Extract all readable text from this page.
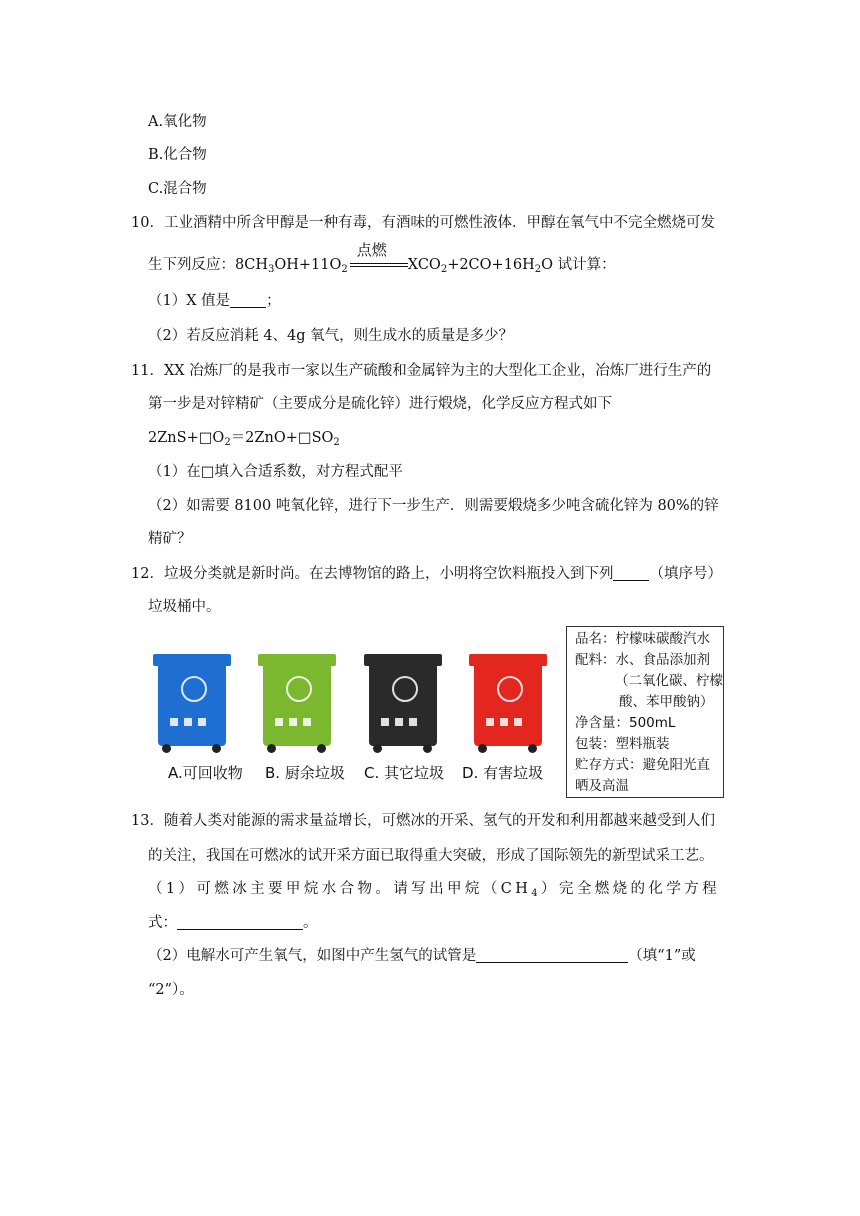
A.氧化物
B.化合物
C.混合物
10．工业酒精中所含甲醇是一种有毒，有酒味的可燃性液体．甲醇在氧气中不完全燃烧可发
生下列反应：$8CH_3OH+11O_2$
点燃
$XCO_2+2CO+16H_2O$ 试计算：
（1）X 值是 ；
（2）若反应消耗 4、4g 氧气，则生成水的质量是多少？
11．XX 冶炼厂的是我市一家以生产硫酸和金属锌为主的大型化工企业，冶炼厂进行生产的
第一步是对锌精矿（主要成分是硫化锌）进行煅烧，化学反应方程式如下
$2ZnS+□O_2=2ZnO+□SO_2$
（1）在□填入合适系数，对方程式配平
（2）如需要 8100 吨氧化锌，进行下一步生产．则需要煅烧多少吨含硫化锌为 80%的锌
精矿？
12．垃圾分类就是新时尚。在去博物馆的路上，小明将空饮料瓶投入到下列 （填序号）
垃圾桶中。
A.可回收物 B. 厨余垃圾 C. 其它垃圾 D. 有害垃圾
品名：柠檬味碳酸汽水
配料：水、食品添加剂
（二氧化碳、柠檬
酸、苯甲酸钠）
净含量：500mL
包装：塑料瓶装
贮存方式：避免阳光直
晒及高温
13．随着人类对能源的需求量益增长，可燃冰的开采、氢气的开发和利用都越来越受到人们
的关注，我国在可燃冰的试开采方面已取得重大突破，形成了国际领先的新型试采工艺。
（1）可燃冰主要甲烷水合物。请写出甲烷$(CH_4)$完全燃烧的化学方程
式：	。
（2）电解水可产生氧气，如图中产生氢气的试管是	（填“1”或
“2”）。
